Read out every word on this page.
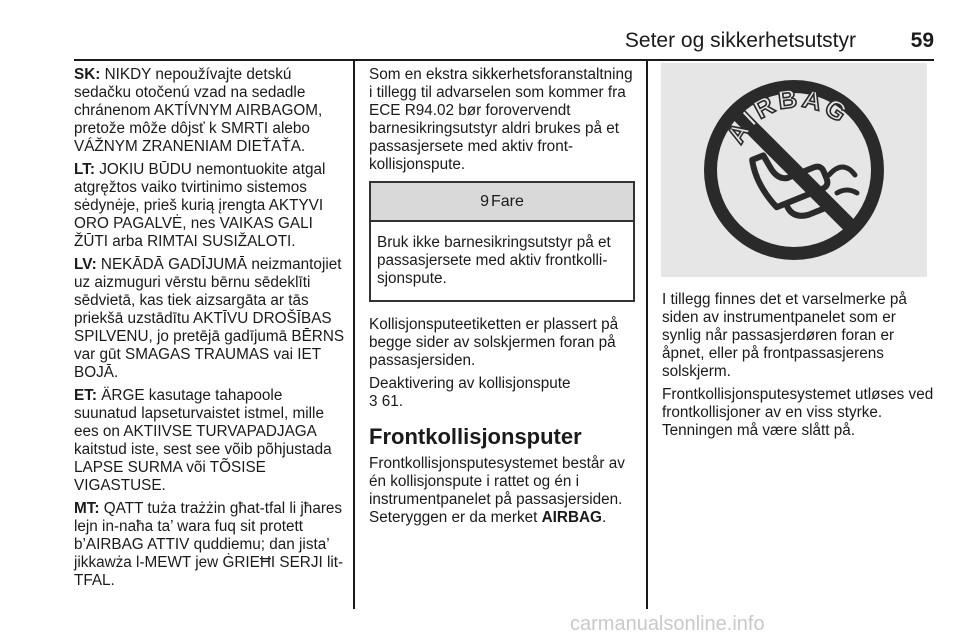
Seter og sikkerhetsutstyr	59

SK: NIKDY nepoužívajte detskú sedačku otočenú vzad na sedadle chránenom AKTÍVNYM AIRBAGOM, pretože môže dôjsť k SMRTI alebo VÁŽNYM ZRANENIAM DIEŤAŤA.

LT: JOKIU BŪDU nemontuokite atgal atgręžtos vaiko tvirtinimo sistemos sėdynėje, prieš kurią įrengta AKTYVI ORO PAGALVĖ, nes VAIKAS GALI ŽŪTI arba RIMTAI SUSIŽALOTI.

LV: NEKĀDĀ GADĪJUMĀ neizmantojiet uz aizmuguri vērstu bērnu sēdeklīti sēdvietā, kas tiek aizsargāta ar tās priekšā uzstādītu AKTĪVU DROŠĪBAS SPILVENU, jo pretējā gadījumā BĒRNS var gūt SMAGAS TRAUMAS vai IET BOJĀ.

ET: ÄRGE kasutage tahapoole suunatud lapseturvaistet istmel, mille ees on AKTIIVSE TURVAPADJAGA kaitstud iste, sest see võib põhjustada LAPSE SURMA või TÕSISE VIGASTUSE.

MT: QATT tuża trażżin għat-tfal li jħares lejn in-naħa ta’ wara fuq sit protett b’AIRBAG ATTIV quddiemu; dan jista’ jikkawża l-MEWT jew ĠRIEĦI SERJI lit-TFAL.

Som en ekstra sikkerhetsforanstaltning i tillegg til advarselen som kommer fra ECE R94.02 bør forovervendt barnesikringsutstyr aldri brukes på et passasjersete med aktiv frontkollisjonspute.

9 Fare
Bruk ikke barnesikringsutstyr på et passasjersete med aktiv frontkollisjonspute.

Kollisjonsputeetiketten er plassert på begge sider av solskjermen foran på passasjersiden.

Deaktivering av kollisjonspute
3 61.

Frontkollisjonsputer

Frontkollisjonsputesystemet består av én kollisjonspute i rattet og én i instrumentpanelet på passasjersiden. Seteryggen er da merket AIRBAG.

AIRBAG

I tillegg finnes det et varselmerke på siden av instrumentpanelet som er synlig når passasjerdøren foran er åpnet, eller på frontpassasjerens solskjerm.

Frontkollisjonsputesystemet utløses ved frontkollisjoner av en viss styrke. Tenningen må være slått på.

carmanualsonline.info
